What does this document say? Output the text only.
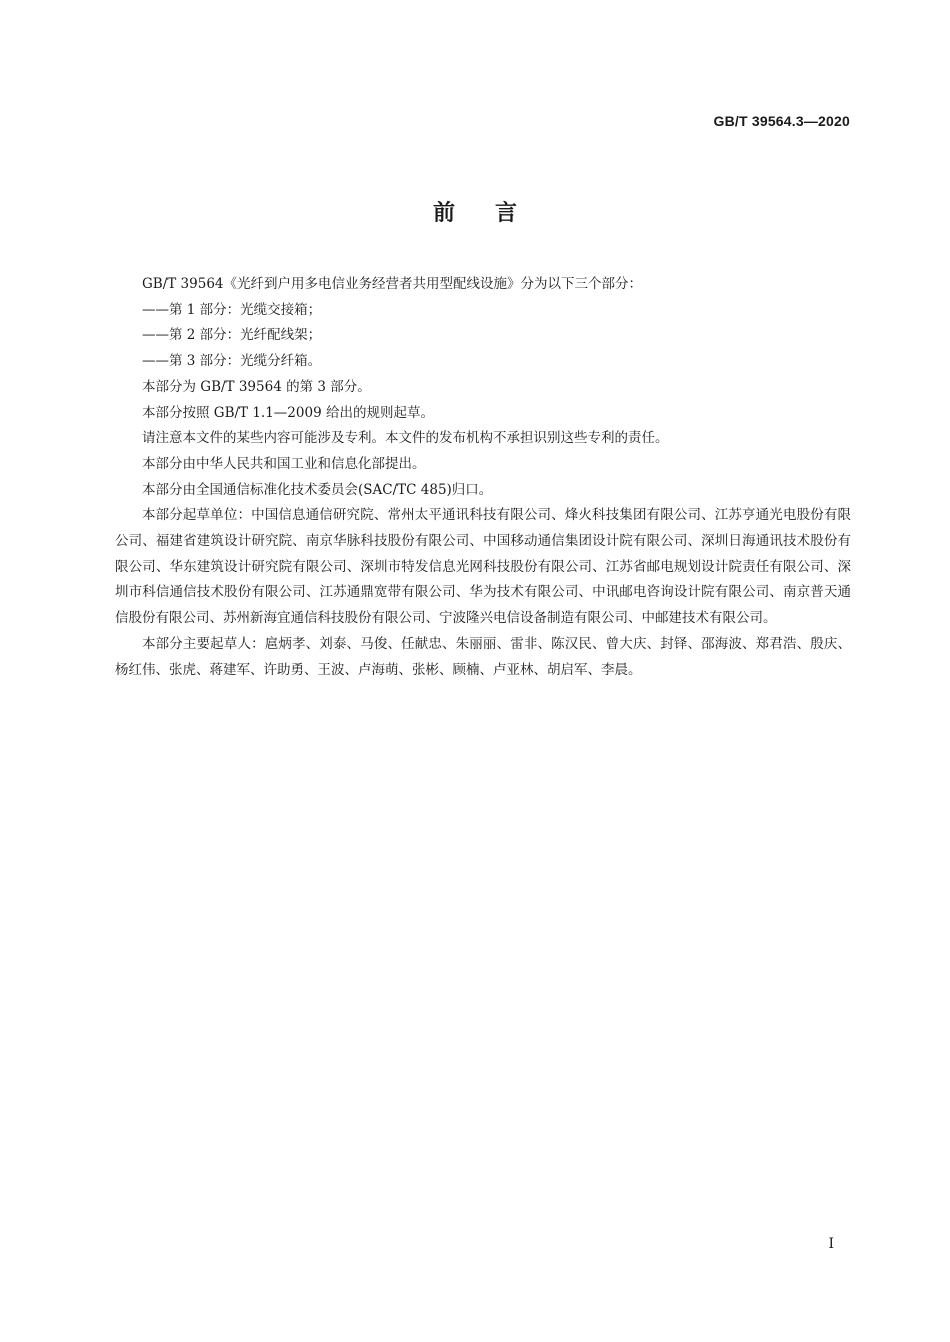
GB/T 39564.3—2020
前言

GB/T 39564《光纤到户用多电信业务经营者共用型配线设施》分为以下三个部分：

——第 1 部分：光缆交接箱；

——第 2 部分：光纤配线架；

——第 3 部分：光缆分纤箱。

本部分为 GB/T 39564 的第 3 部分。

本部分按照 GB/T 1.1—2009 给出的规则起草。

请注意本文件的某些内容可能涉及专利。本文件的发布机构不承担识别这些专利的责任。

本部分由中华人民共和国工业和信息化部提出。

本部分由全国通信标准化技术委员会(SAC/TC 485)归口。

本部分起草单位：中国信息通信研究院、常州太平通讯科技有限公司、烽火科技集团有限公司、江苏亨通光电股份有限公司、福建省建筑设计研究院、南京华脉科技股份有限公司、中国移动通信集团设计院有限公司、深圳日海通讯技术股份有限公司、华东建筑设计研究院有限公司、深圳市特发信息光网科技股份有限公司、江苏省邮电规划设计院责任有限公司、深圳市科信通信技术股份有限公司、江苏通鼎宽带有限公司、华为技术有限公司、中讯邮电咨询设计院有限公司、南京普天通信股份有限公司、苏州新海宜通信科技股份有限公司、宁波隆兴电信设备制造有限公司、中邮建技术有限公司。

本部分主要起草人：扈炳孝、刘泰、马俊、任献忠、朱丽丽、雷非、陈汉民、曾大庆、封铎、邵海波、郑君浩、殷庆、杨红伟、张虎、蒋建军、许助勇、王波、卢海萌、张彬、顾楠、卢亚林、胡启军、李晨。

I
